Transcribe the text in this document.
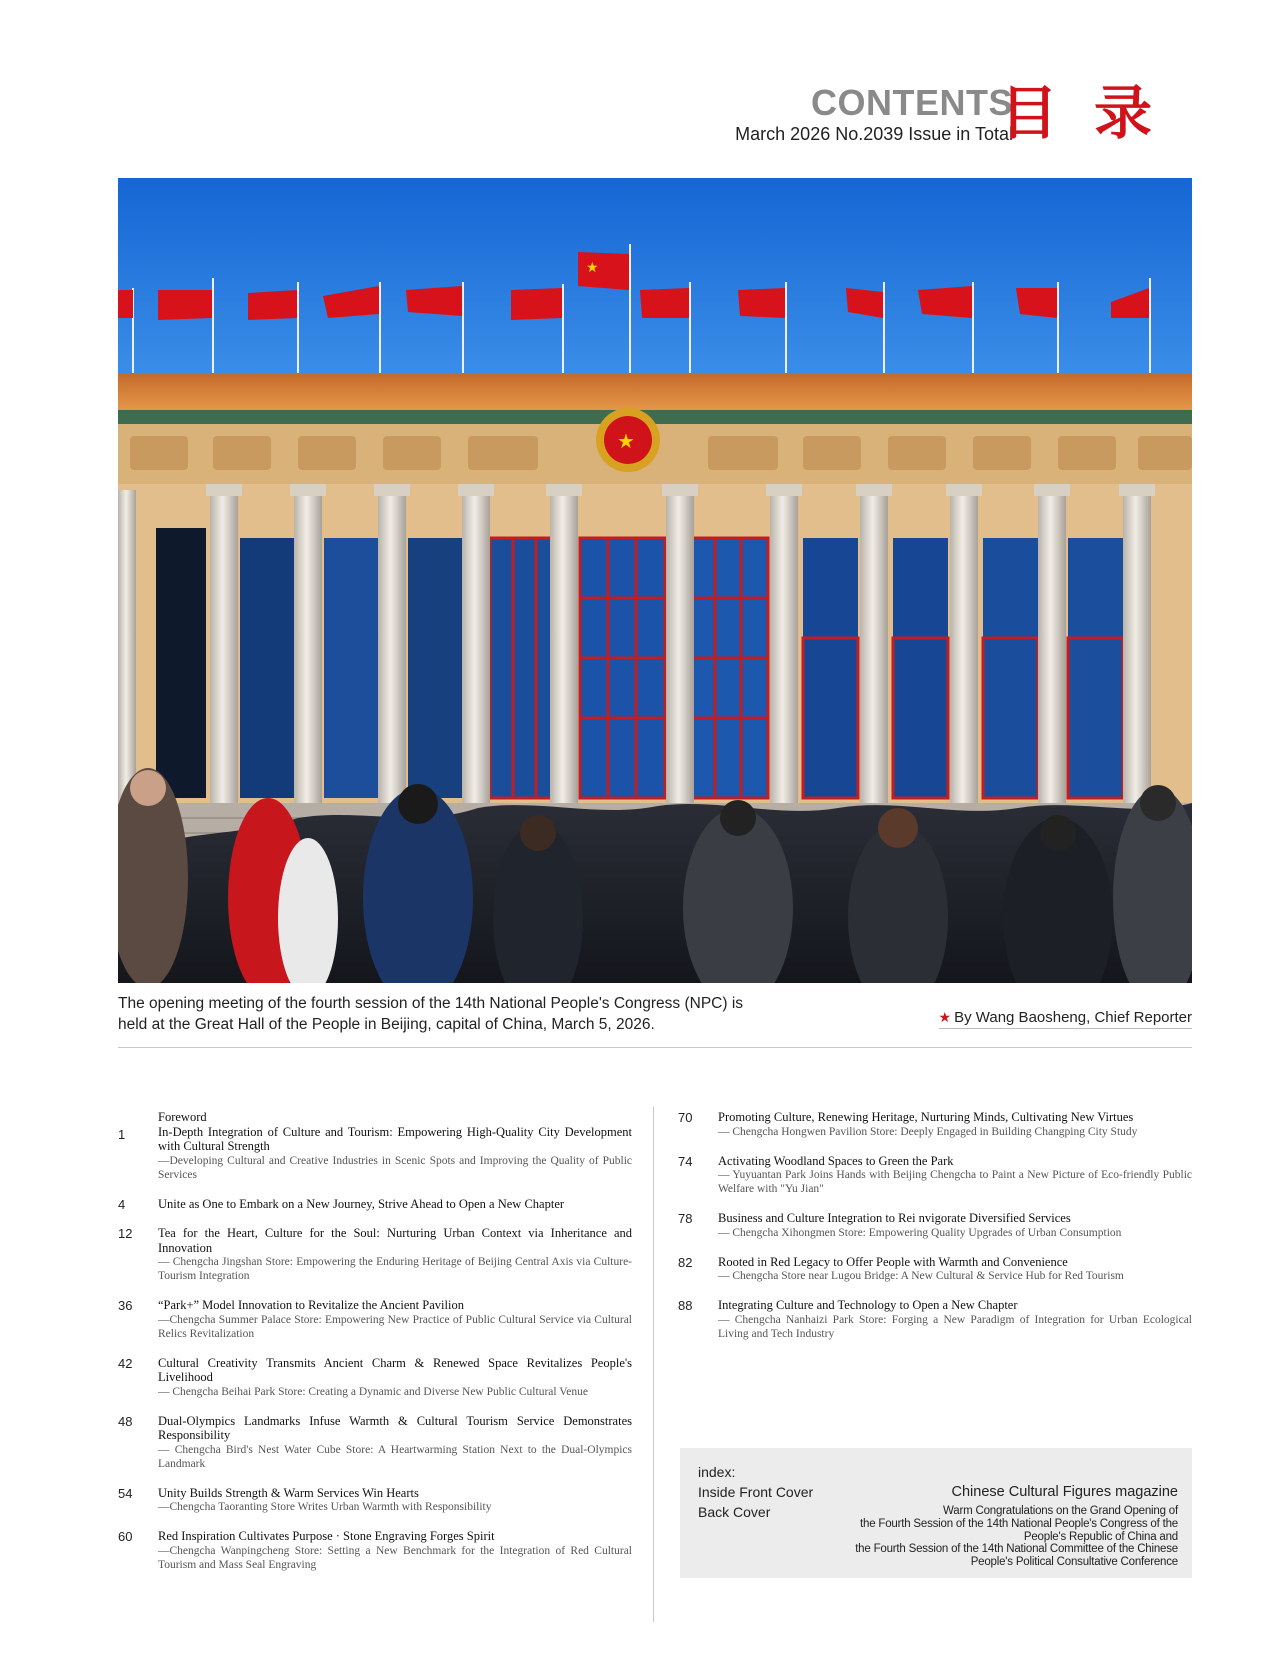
CONTENTS
March 2026 No.2039 Issue in Total
目录
★
★
The opening meeting of the fourth session of the 14th National People's Congress (NPC) is held at the Great Hall of the People in Beijing, capital of China, March 5, 2026.	★ By Wang Baosheng, Chief Reporter
Foreword
1	In-Depth Integration of Culture and Tourism: Empowering High-Quality City Development with Cultural Strength
—Developing Cultural and Creative Industries in Scenic Spots and Improving the Quality of Public Services
4	Unite as One to Embark on a New Journey, Strive Ahead to Open a New Chapter
12 Tea for the Heart, Culture for the Soul: Nurturing Urban Context via Inheritance and Innovation
— Chengcha Jingshan Store: Empowering the Enduring Heritage of Beijing Central Axis via Culture-Tourism Integration
36 “Park+” Model Innovation to Revitalize the Ancient Pavilion
—Chengcha Summer Palace Store: Empowering New Practice of Public Cultural Service via Cultural Relics Revitalization
42 Cultural Creativity Transmits Ancient Charm & Renewed Space Revitalizes People's Livelihood
— Chengcha Beihai Park Store: Creating a Dynamic and Diverse New Public Cultural Venue
48 Dual-Olympics Landmarks Infuse Warmth & Cultural Tourism Service Demonstrates Responsibility
— Chengcha Bird's Nest Water Cube Store: A Heartwarming Station Next to the Dual-Olympics Landmark
54 Unity Builds Strength & Warm Services Win Hearts
—Chengcha Taoranting Store Writes Urban Warmth with Responsibility
60 Red Inspiration Cultivates Purpose · Stone Engraving Forges Spirit
—Chengcha Wanpingcheng Store: Setting a New Benchmark for the Integration of Red Cultural Tourism and Mass Seal Engraving
70 Promoting Culture, Renewing Heritage, Nurturing Minds, Cultivating New Virtues
— Chengcha Hongwen Pavilion Store: Deeply Engaged in Building Changping City Study
74 Activating Woodland Spaces to Green the Park
— Yuyuantan Park Joins Hands with Beijing Chengcha to Paint a New Picture of Eco-friendly Public Welfare with "Yu Jian"
78 Business and Culture Integration to Rei nvigorate Diversified Services
— Chengcha Xihongmen Store: Empowering Quality Upgrades of Urban Consumption
82 Rooted in Red Legacy to Offer People with Warmth and Convenience
— Chengcha Store near Lugou Bridge: A New Cultural & Service Hub for Red Tourism
88 Integrating Culture and Technology to Open a New Chapter
— Chengcha Nanhaizi Park Store: Forging a New Paradigm of Integration for Urban Ecological Living and Tech Industry
index:
Inside Front Cover
Back Cover
Chinese Cultural Figures magazine
Warm Congratulations on the Grand Opening of
the Fourth Session of the 14th National People's Congress of the
People's Republic of China and
the Fourth Session of the 14th National Committee of the Chinese
People's Political Consultative Conference
